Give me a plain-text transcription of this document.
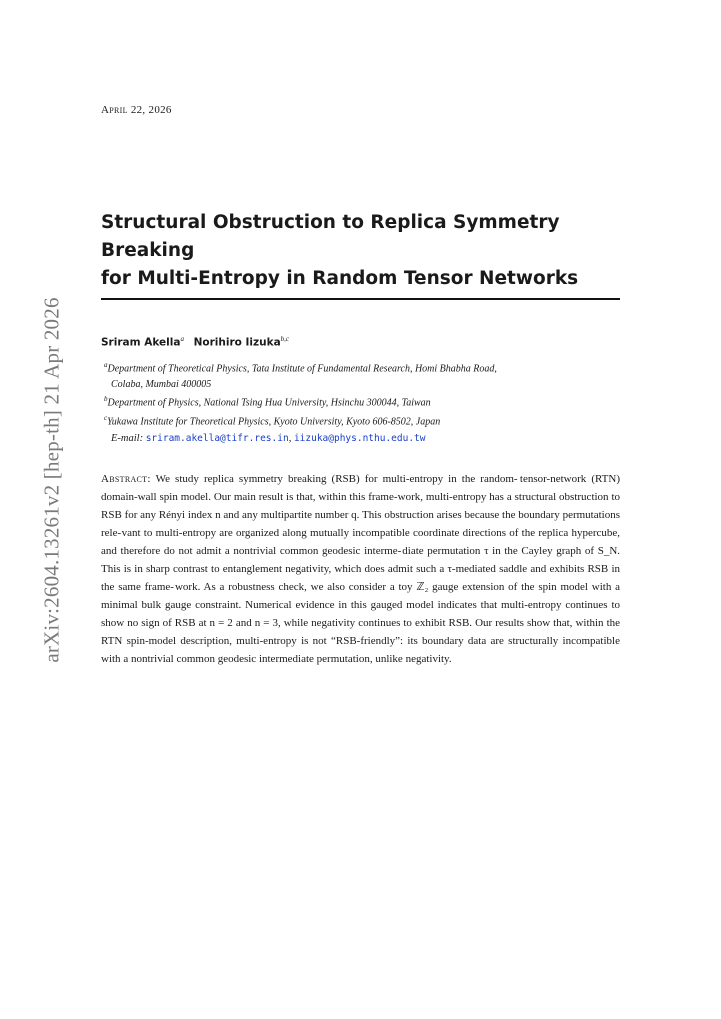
arXiv:2604.13261v2 [hep-th] 21 Apr 2026
April 22, 2026
Structural Obstruction to Replica Symmetry Breaking
for Multi-Entropy in Random Tensor Networks
Sriram Akella$^a$ Norihiro Iizuka$^{b,c}$
$^a$Department of Theoretical Physics, Tata Institute of Fundamental Research, Homi Bhabha Road,
Colaba, Mumbai 400005
$^b$Department of Physics, National Tsing Hua University, Hsinchu 300044, Taiwan
$^c$Yukawa Institute for Theoretical Physics, Kyoto University, Kyoto 606-8502, Japan
E-mail: sriram.akella@tifr.res.in, iizuka@phys.nthu.edu.tw
Abstract: We study replica symmetry breaking (RSB) for multi-entropy in the random- tensor-network (RTN) domain-wall spin model. Our main result is that, within this frame- work, multi-entropy has a structural obstruction to RSB for any Rényi index n and any multipartite number q. This obstruction arises because the boundary permutations rele- vant to multi-entropy are organized along mutually incompatible coordinate directions of the replica hypercube, and therefore do not admit a nontrivial common geodesic interme- diate permutation τ in the Cayley graph of S_N. This is in sharp contrast to entanglement negativity, which does admit such a τ-mediated saddle and exhibits RSB in the same frame- work. As a robustness check, we also consider a toy ℤ₂ gauge extension of the spin model with a minimal bulk gauge constraint. Numerical evidence in this gauged model indicates that multi-entropy continues to show no sign of RSB at n = 2 and n = 3, while negativity continues to exhibit RSB. Our results show that, within the RTN spin-model description, multi-entropy is not “RSB-friendly”: its boundary data are structurally incompatible with a nontrivial common geodesic intermediate permutation, unlike negativity.
